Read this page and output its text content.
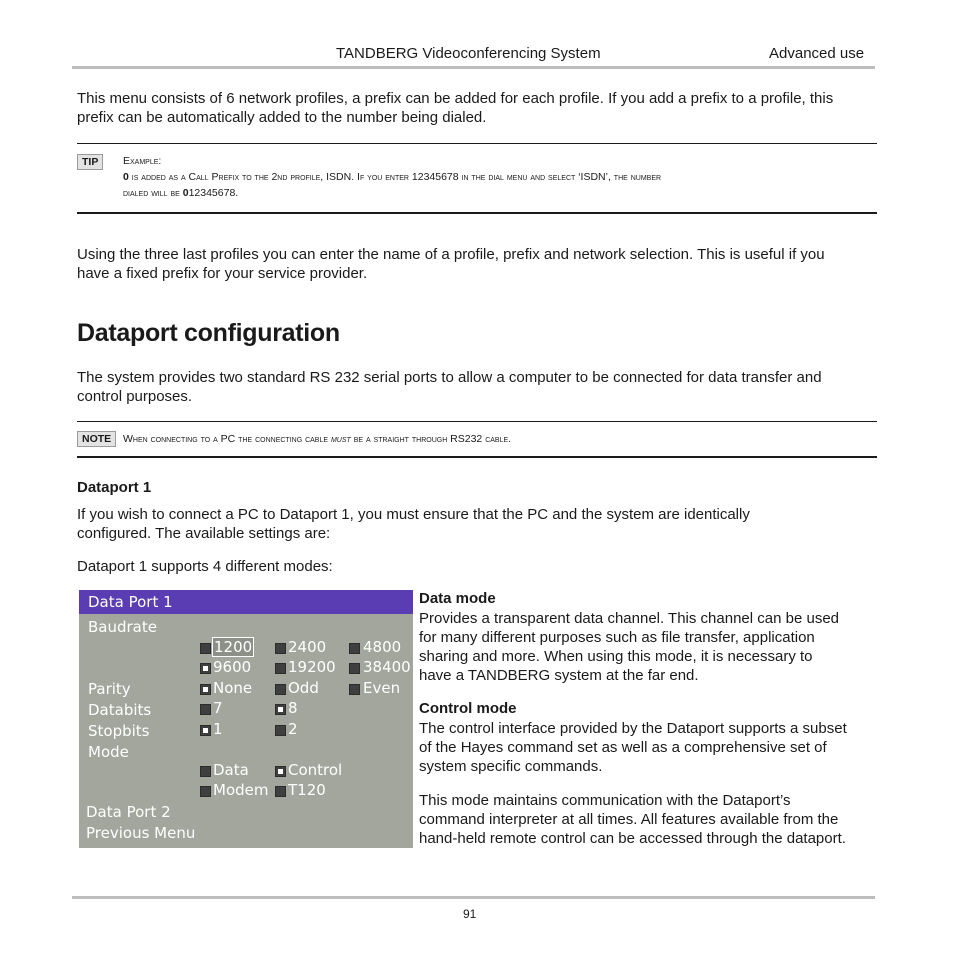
TANDBERG Videoconferencing System	Advanced use
This menu consists of 6 network profiles, a prefix can be added for each profile. If you add a prefix to a profile, this
prefix can be automatically added to the number being dialed.
TIP	Example:
0 is added as a Call Prefix to the 2nd profile, ISDN. If you enter 12345678 in the dial menu and select ‘ISDN’, the number
dialed will be 012345678.
Using the three last profiles you can enter the name of a profile, prefix and network selection. This is useful if you
have a fixed prefix for your service provider.
Dataport configuration
The system provides two standard RS 232 serial ports to allow a computer to be connected for data transfer and
control purposes.
NOTE	When connecting to a PC the connecting cable must be a straight through RS232 cable.
Dataport 1
If you wish to connect a PC to Dataport 1, you must ensure that the PC and the system are identically
configured. The available settings are:
Dataport 1 supports 4 different modes:
Data Port 1
Baudrate
1200 2400 4800
9600 19200 38400
Parity	None Odd	Even
Databits	7	8
Stopbits	1	2
Mode
Data	Control
Modem T120
Data Port 2
Previous Menu
Data mode
Provides a transparent data channel. This channel can be used
for many different purposes such as file transfer, application
sharing and more. When using this mode, it is necessary to
have a TANDBERG system at the far end.
Control mode
The control interface provided by the Dataport supports a subset
of the Hayes command set as well as a comprehensive set of
system specific commands.
This mode maintains communication with the Dataport’s
command interpreter at all times. All features available from the
hand-held remote control can be accessed through the dataport.
91
